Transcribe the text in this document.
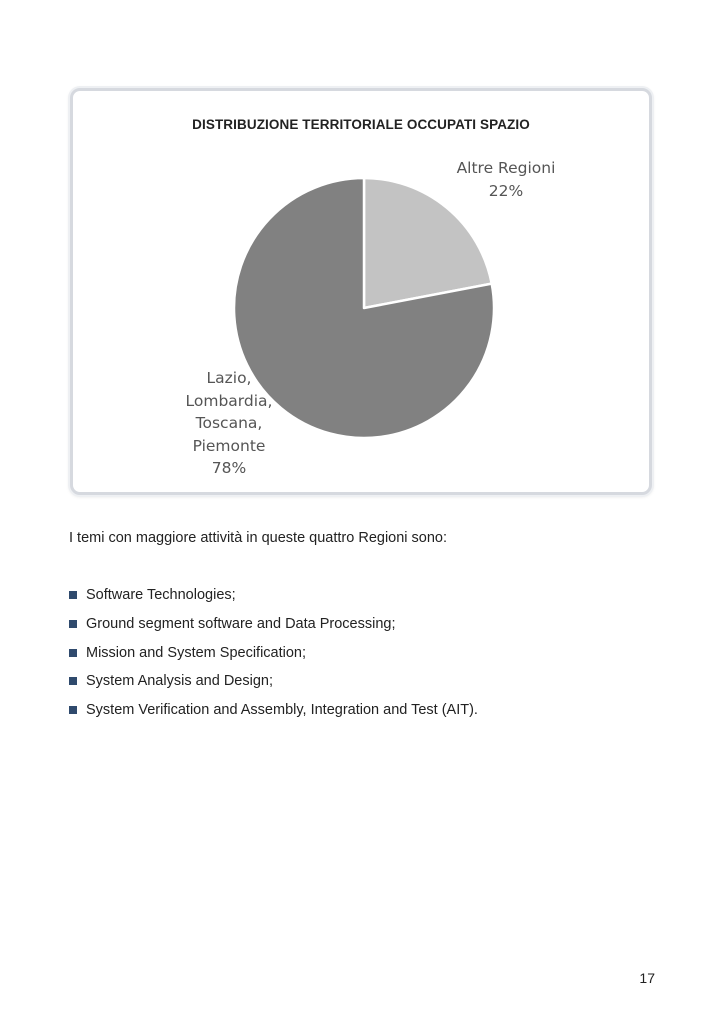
DISTRIBUZIONE TERRITORIALE OCCUPATI SPAZIO
Altre Regioni
22%
Lazio,
Lombardia,
Toscana,
Piemonte
78%
I temi con maggiore attività in queste quattro Regioni sono:
Software Technologies;
Ground segment software and Data Processing;
Mission and System Specification;
System Analysis and Design;
System Verification and Assembly, Integration and Test (AIT).
17
